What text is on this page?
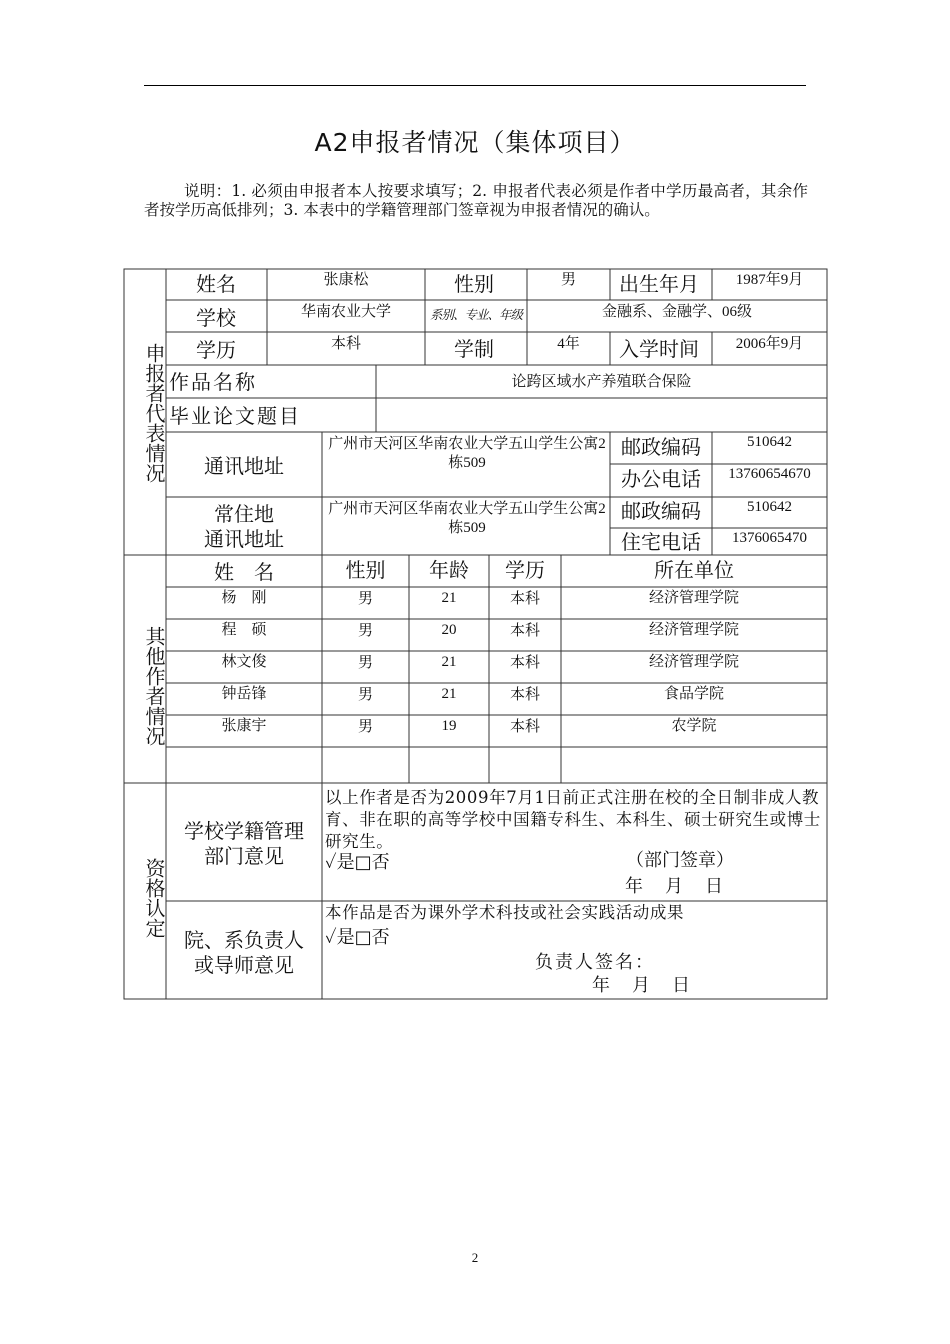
A2申报者情况（集体项目）
说明：1. 必须由申报者本人按要求填写；2. 申报者代表必须是作者中学历最高者，其余作者按学历高低排列；3. 本表中的学籍管理部门签章视为申报者情况的确认。
申报者代表情况
其他作者情况
资格认定
姓名	张康松	性别	男	出生年月	1987年9月
学校	华南农业大学	系别、专业、年级	金融系、金融学、06级
学历	本科	学制	4年	入学时间	2006年9月
作品名称	论跨区域水产养殖联合保险
毕业论文题目
通讯地址
广州市天河区华南农业大学五山学生公寓2栋509
邮政编码	510642
办公电话	13760654670
常住地
通讯地址
广州市天河区华南农业大学五山学生公寓2栋509
邮政编码	510642
住宅电话	1376065470
姓　名	性别	年龄	学历	所在单位
杨　刚	男	21	本科	经济管理学院
程　硕	男	20	本科	经济管理学院
林文俊	男	21	本科	经济管理学院
钟岳锋	男	21	本科	食品学院
张康宇	男	19	本科	农学院
学校学籍管理
部门意见
以上作者是否为2009年7月1日前正式注册在校的全日制非成人教育、非在职的高等学校中国籍专科生、本科生、硕士研究生或博士研究生。
✓是□否	（部门签章）
年　月　日
院、系负责人
或导师意见
本作品是否为课外学术科技或社会实践活动成果
✓是□否
负责人签名：
年　月　日
2
